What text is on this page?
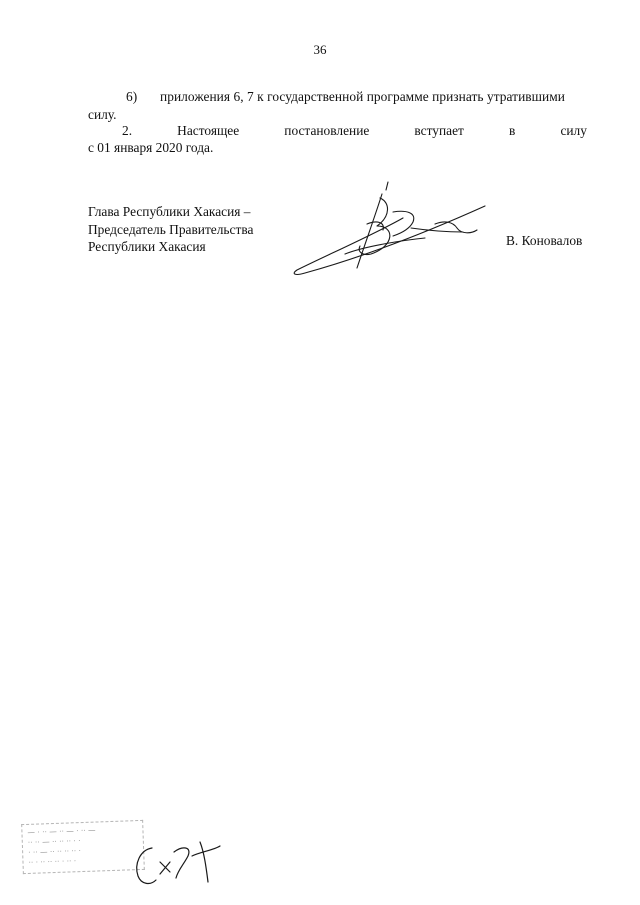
36
6) приложения 6, 7 к государственной программе признать утратившими
силу.
2.	Настоящее	постановление	вступает	в	силу
с 01 января 2020 года.
Глава Республики Хакасия –
Председатель Правительства
Республики Хакасия	В. Коновалов
— · ·· — ·· — · ·· —
·· ·· — ·· ·· ·· · ·
· ·· — ·· ·· ·· ·· ·
·· · ·· ·· ·· · ·· ·
